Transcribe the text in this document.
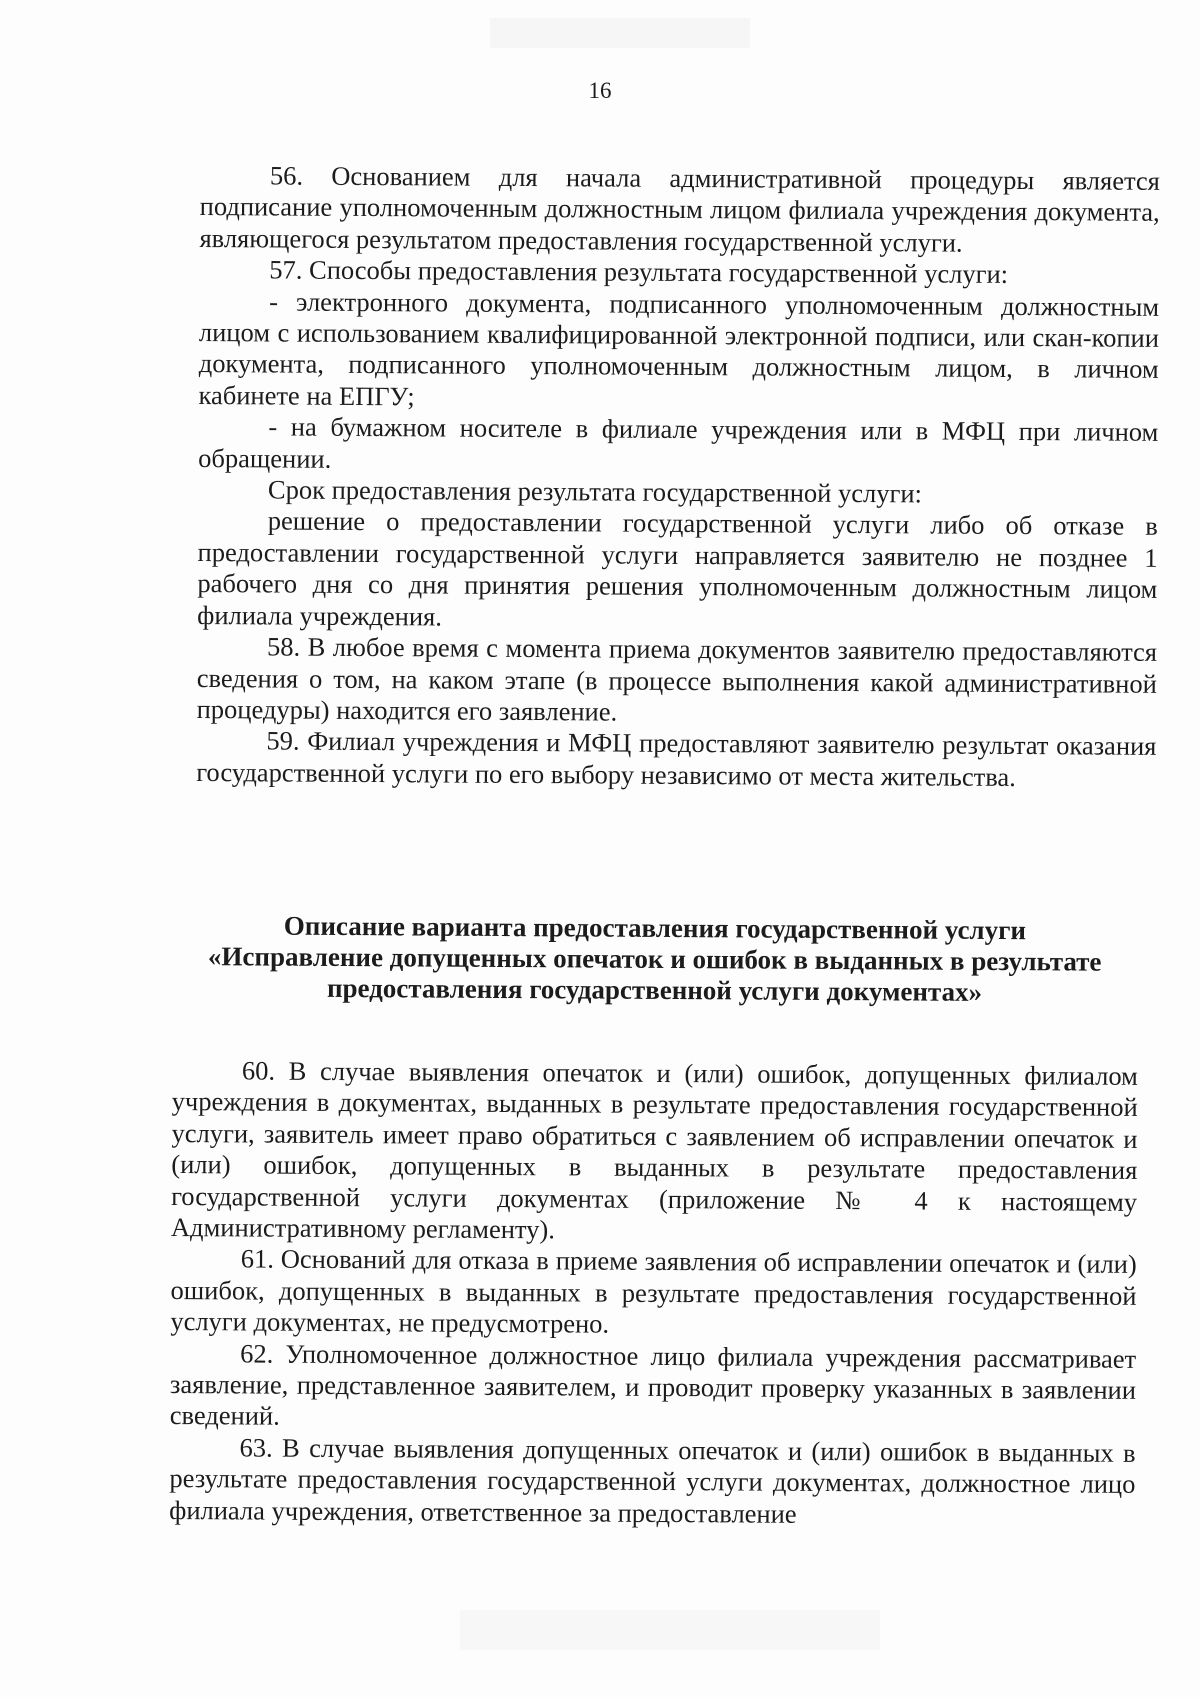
16

56. Основанием для начала административной процедуры является подписание уполномоченным должностным лицом филиала учреждения документа, являющегося результатом предоставления государственной услуги.

57. Способы предоставления результата государственной услуги:

- электронного документа, подписанного уполномоченным должностным лицом с использованием квалифицированной электронной подписи, или скан-копии документа, подписанного уполномоченным должностным лицом, в личном кабинете на ЕПГУ;

- на бумажном носителе в филиале учреждения или в МФЦ при личном обращении.

Срок предоставления результата государственной услуги:

решение о предоставлении государственной услуги либо об отказе в предоставлении государственной услуги направляется заявителю не позднее 1 рабочего дня со дня принятия решения уполномоченным должностным лицом филиала учреждения.

58. В любое время с момента приема документов заявителю предоставляются сведения о том, на каком этапе (в процессе выполнения какой административной процедуры) находится его заявление.

59. Филиал учреждения и МФЦ предоставляют заявителю результат оказания государственной услуги по его выбору независимо от места жительства.

Описание варианта предоставления государственной услуги
«Исправление допущенных опечаток и ошибок в выданных в результате
предоставления государственной услуги документах»

60. В случае выявления опечаток и (или) ошибок, допущенных филиалом учреждения в документах, выданных в результате предоставления государственной услуги, заявитель имеет право обратиться с заявлением об исправлении опечаток и (или) ошибок, допущенных в выданных в результате предоставления государственной услуги документах (приложение № 4 к настоящему Административному регламенту).

61. Оснований для отказа в приеме заявления об исправлении опечаток и (или) ошибок, допущенных в выданных в результате предоставления государственной услуги документах, не предусмотрено.

62. Уполномоченное должностное лицо филиала учреждения рассматривает заявление, представленное заявителем, и проводит проверку указанных в заявлении сведений.

63. В случае выявления допущенных опечаток и (или) ошибок в выданных в результате предоставления государственной услуги документах, должностное лицо филиала учреждения, ответственное за предоставление
